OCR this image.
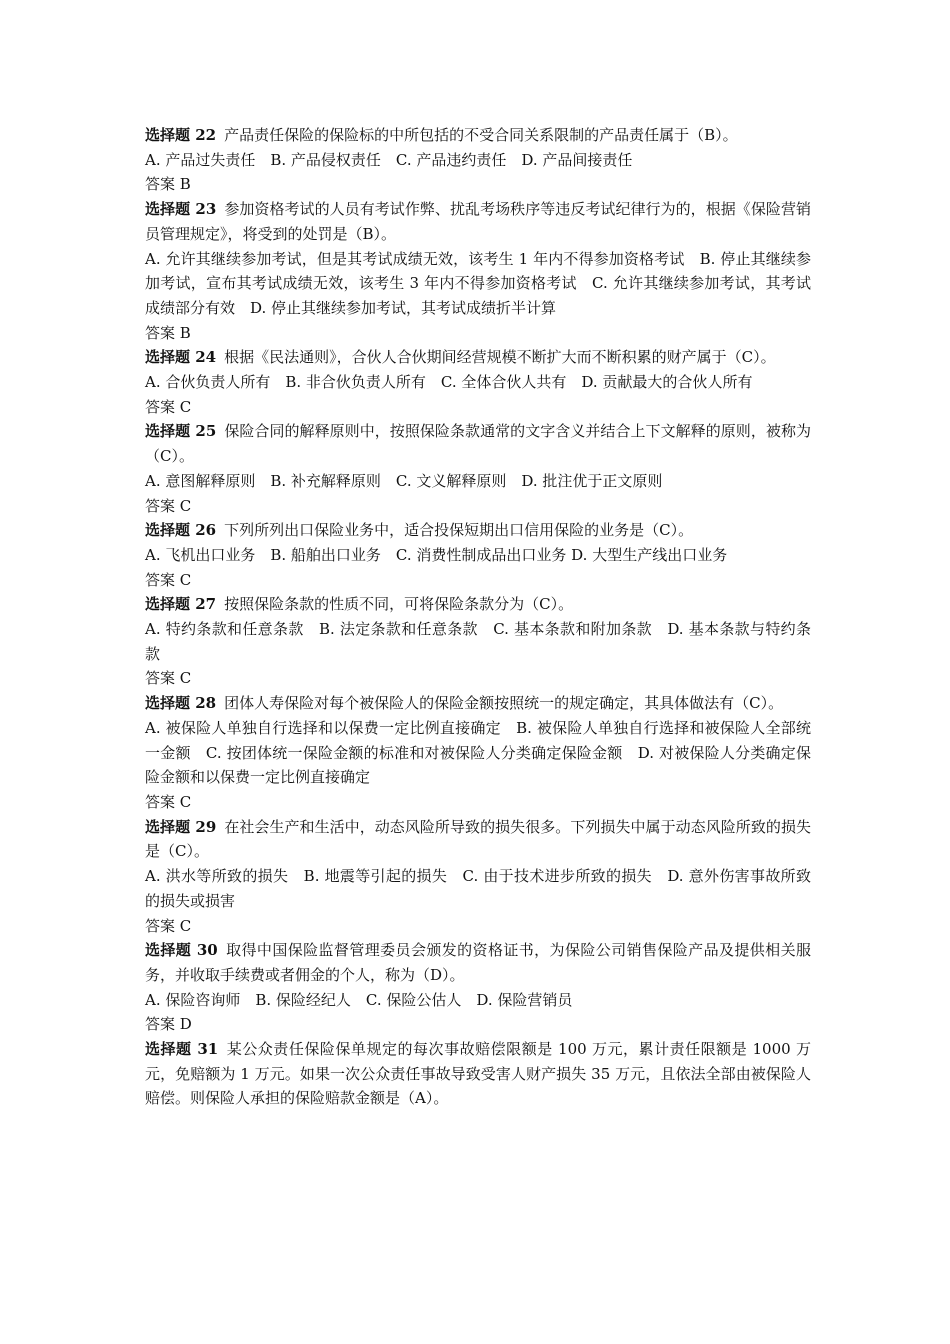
选择题 22 产品责任保险的保险标的中所包括的不受合同关系限制的产品责任属于（B）。

A. 产品过失责任　B. 产品侵权责任　C. 产品违约责任　D. 产品间接责任

答案 B

选择题 23 参加资格考试的人员有考试作弊、扰乱考场秩序等违反考试纪律行为的，根据《保险营销员管理规定》，将受到的处罚是（B）。

A. 允许其继续参加考试，但是其考试成绩无效，该考生 1 年内不得参加资格考试　B. 停止其继续参加考试，宣布其考试成绩无效，该考生 3 年内不得参加资格考试　C. 允许其继续参加考试，其考试成绩部分有效　D. 停止其继续参加考试，其考试成绩折半计算

答案 B

选择题 24 根据《民法通则》，合伙人合伙期间经营规模不断扩大而不断积累的财产属于（C）。

A. 合伙负责人所有　B. 非合伙负责人所有　C. 全体合伙人共有　D. 贡献最大的合伙人所有

答案 C

选择题 25 保险合同的解释原则中，按照保险条款通常的文字含义并结合上下文解释的原则，被称为（C）。

A. 意图解释原则　B. 补充解释原则　C. 文义解释原则　D. 批注优于正文原则

答案 C

选择题 26 下列所列出口保险业务中，适合投保短期出口信用保险的业务是（C）。

A. 飞机出口业务　B. 船舶出口业务　C. 消费性制成品出口业务 D. 大型生产线出口业务

答案 C

选择题 27 按照保险条款的性质不同，可将保险条款分为（C）。

A. 特约条款和任意条款　B. 法定条款和任意条款　C. 基本条款和附加条款　D. 基本条款与特约条款

答案 C

选择题 28 团体人寿保险对每个被保险人的保险金额按照统一的规定确定，其具体做法有（C）。

A. 被保险人单独自行选择和以保费一定比例直接确定　B. 被保险人单独自行选择和被保险人全部统一金额　C. 按团体统一保险金额的标准和对被保险人分类确定保险金额　D. 对被保险人分类确定保险金额和以保费一定比例直接确定

答案 C

选择题 29 在社会生产和生活中，动态风险所导致的损失很多。下列损失中属于动态风险所致的损失是（C）。

A. 洪水等所致的损失　B. 地震等引起的损失　C. 由于技术进步所致的损失　D. 意外伤害事故所致的损失或损害

答案 C

选择题 30 取得中国保险监督管理委员会颁发的资格证书，为保险公司销售保险产品及提供相关服务，并收取手续费或者佣金的个人，称为（D）。

A. 保险咨询师　B. 保险经纪人　C. 保险公估人　D. 保险营销员

答案 D

选择题 31 某公众责任保险保单规定的每次事故赔偿限额是 100 万元，累计责任限额是 1000 万元，免赔额为 1 万元。如果一次公众责任事故导致受害人财产损失 35 万元，且依法全部由被保险人赔偿。则保险人承担的保险赔款金额是（A）。
